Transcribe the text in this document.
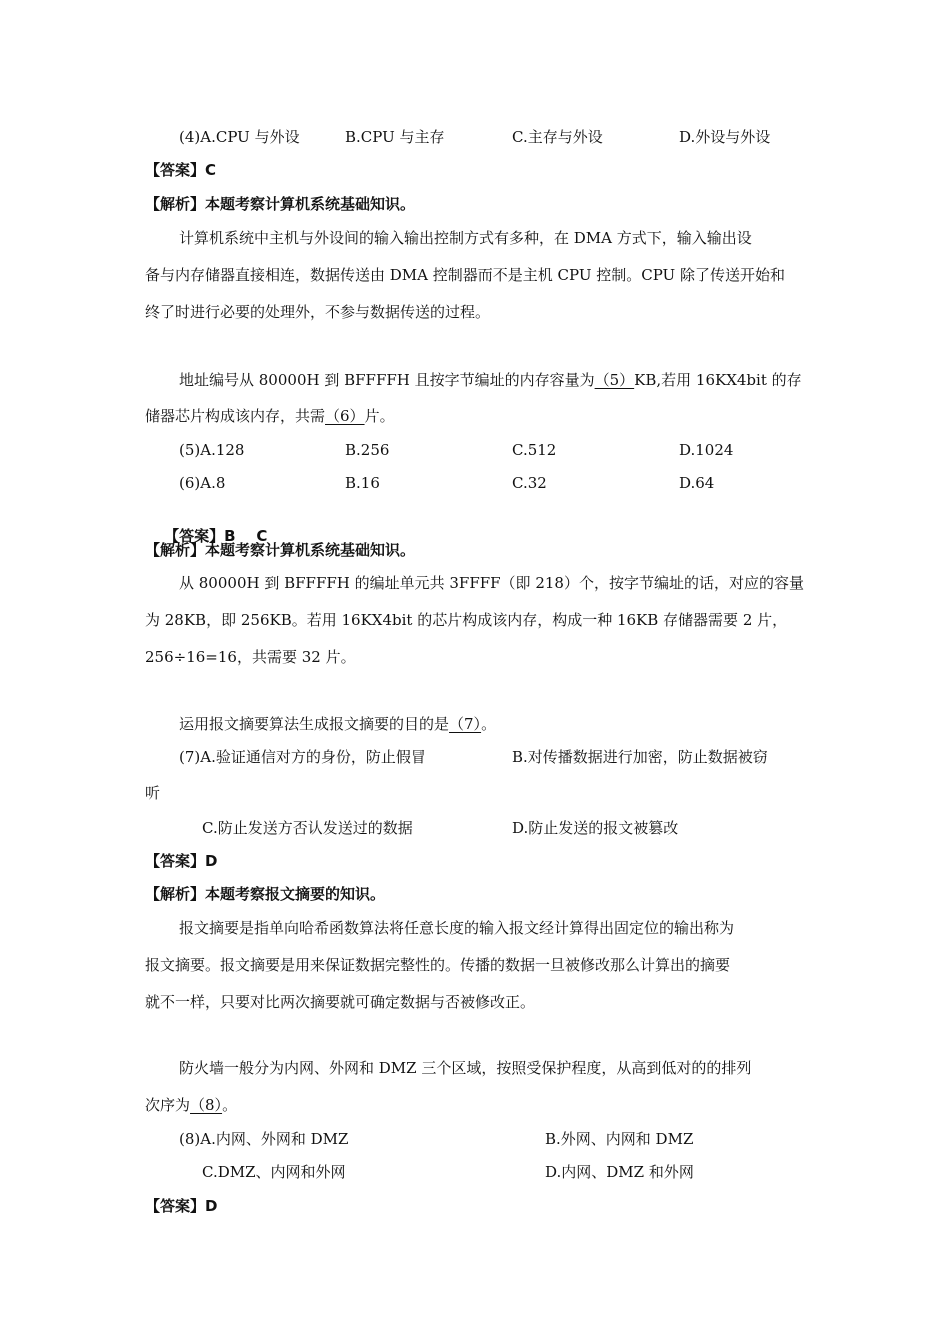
(4)A.CPU 与外设	B.CPU 与主存	C.主存与外设	D.外设与外设
【答案】C
【解析】本题考察计算机系统基础知识。
计算机系统中主机与外设间的输入输出控制方式有多种，在 DMA 方式下，输入输出设
备与内存储器直接相连，数据传送由 DMA 控制器而不是主机 CPU 控制。CPU 除了传送开始和
终了时进行必要的处理外，不参与数据传送的过程。
地址编号从 80000H 到 BFFFFH 且按字节编址的内存容量为（5）KB,若用 16KX4bit 的存
储器芯片构成该内存，共需（6）片。
(5)A.128	B.256	C.512	D.1024
(6)A.8	B.16	C.32	D.64

【答案】B    C

【解析】本题考察计算机系统基础知识。
从 80000H 到 BFFFFH 的编址单元共 3FFFF（即 218）个，按字节编址的话，对应的容量
为 28KB，即 256KB。若用 16KX4bit 的芯片构成该内存，构成一种 16KB 存储器需要 2 片，
256÷16=16，共需要 32 片。
运用报文摘要算法生成报文摘要的目的是（7）。
(7)A.验证通信对方的身份，防止假冒	B.对传播数据进行加密，防止数据被窃
听
C.防止发送方否认发送过的数据	D.防止发送的报文被篡改
【答案】D
【解析】本题考察报文摘要的知识。
报文摘要是指单向哈希函数算法将任意长度的输入报文经计算得出固定位的输出称为
报文摘要。报文摘要是用来保证数据完整性的。传播的数据一旦被修改那么计算出的摘要
就不一样，只要对比两次摘要就可确定数据与否被修改正。
防火墙一般分为内网、外网和 DMZ 三个区域，按照受保护程度，从高到低对的的排列
次序为（8）。
(8)A.内网、外网和 DMZ	B.外网、内网和 DMZ
C.DMZ、内网和外网	D.内网、DMZ 和外网
【答案】D
